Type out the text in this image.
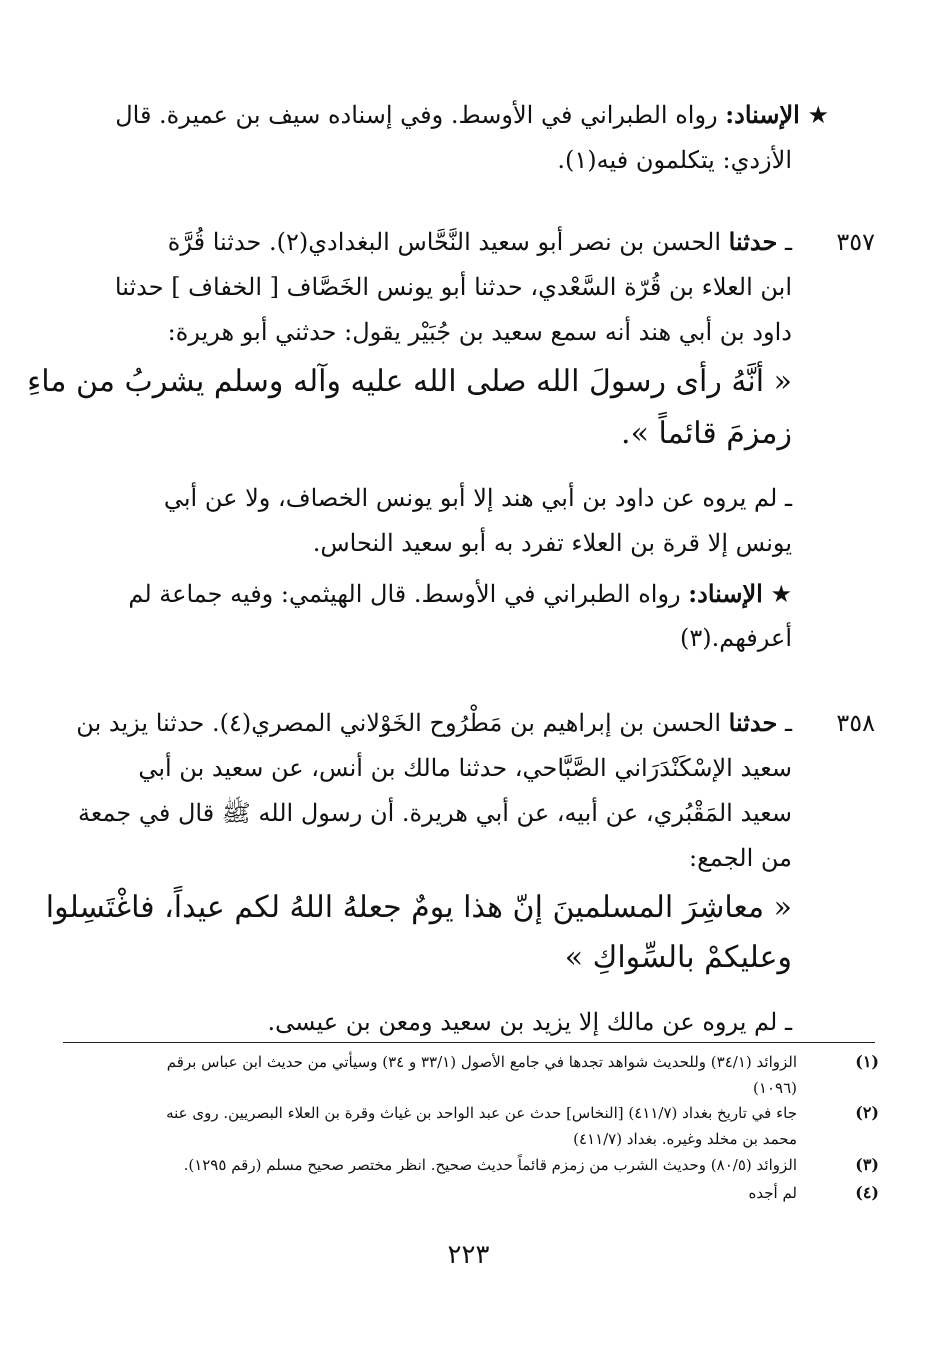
★ الإسناد: رواه الطبراني في الأوسط. وفي إسناده سيف بن عميرة. قال
الأزدي: يتكلمون فيه(١).
٣٥٧
ـ حدثنا الحسن بن نصر أبو سعيد النَّحَّاس البغدادي(٢). حدثنا قُرَّة
ابن العلاء بن قُرّة السَّعْدي، حدثنا أبو يونس الخَصَّاف [ الخفاف ] حدثنا
داود بن أبي هند أنه سمع سعيد بن جُبَيْر يقول: حدثني أبو هريرة:
« أنَّهُ رأى رسولَ الله صلى الله عليه وآله وسلم يشربُ من ماءِ
زمزمَ قائماً ».
ـ لم يروه عن داود بن أبي هند إلا أبو يونس الخصاف، ولا عن أبي
يونس إلا قرة بن العلاء تفرد به أبو سعيد النحاس.
★ الإسناد: رواه الطبراني في الأوسط. قال الهيثمي: وفيه جماعة لم
أعرفهم.(٣)
٣٥٨
ـ حدثنا الحسن بن إبراهيم بن مَطْرُوح الخَوْلاني المصري(٤). حدثنا يزيد بن
سعيد الإسْكَنْدَرَاني الصَّبَّاحي، حدثنا مالك بن أنس، عن سعيد بن أبي
سعيد المَقْبُري، عن أبيه، عن أبي هريرة. أن رسول الله ﷺ قال في جمعة
من الجمع:
« معاشِرَ المسلمينَ إنّ هذا يومٌ جعلهُ اللهُ لكم عيداً، فاغْتَسِلوا
وعليكمْ بالسِّواكِ »
ـ لم يروه عن مالك إلا يزيد بن سعيد ومعن بن عيسى.
(١)
الزوائد (٣٤/١) وللحديث شواهد تجدها في جامع الأصول (٣٣/١ و ٣٤) وسيأتي من حديث ابن عباس برقم
(١٠٩٦)
(٢)
جاء في تاريخ بغداد (٤١١/٧) [النخاس] حدث عن عبد الواحد بن غياث وقرة بن العلاء البصريين. روى عنه
محمد بن مخلد وغيره. بغداد (٤١١/٧)
(٣)
الزوائد (٨٠/٥) وحديث الشرب من زمزم قائماً حديث صحيح. انظر مختصر صحيح مسلم (رقم ١٢٩٥).
(٤)
لم أجده
٢٢٣
